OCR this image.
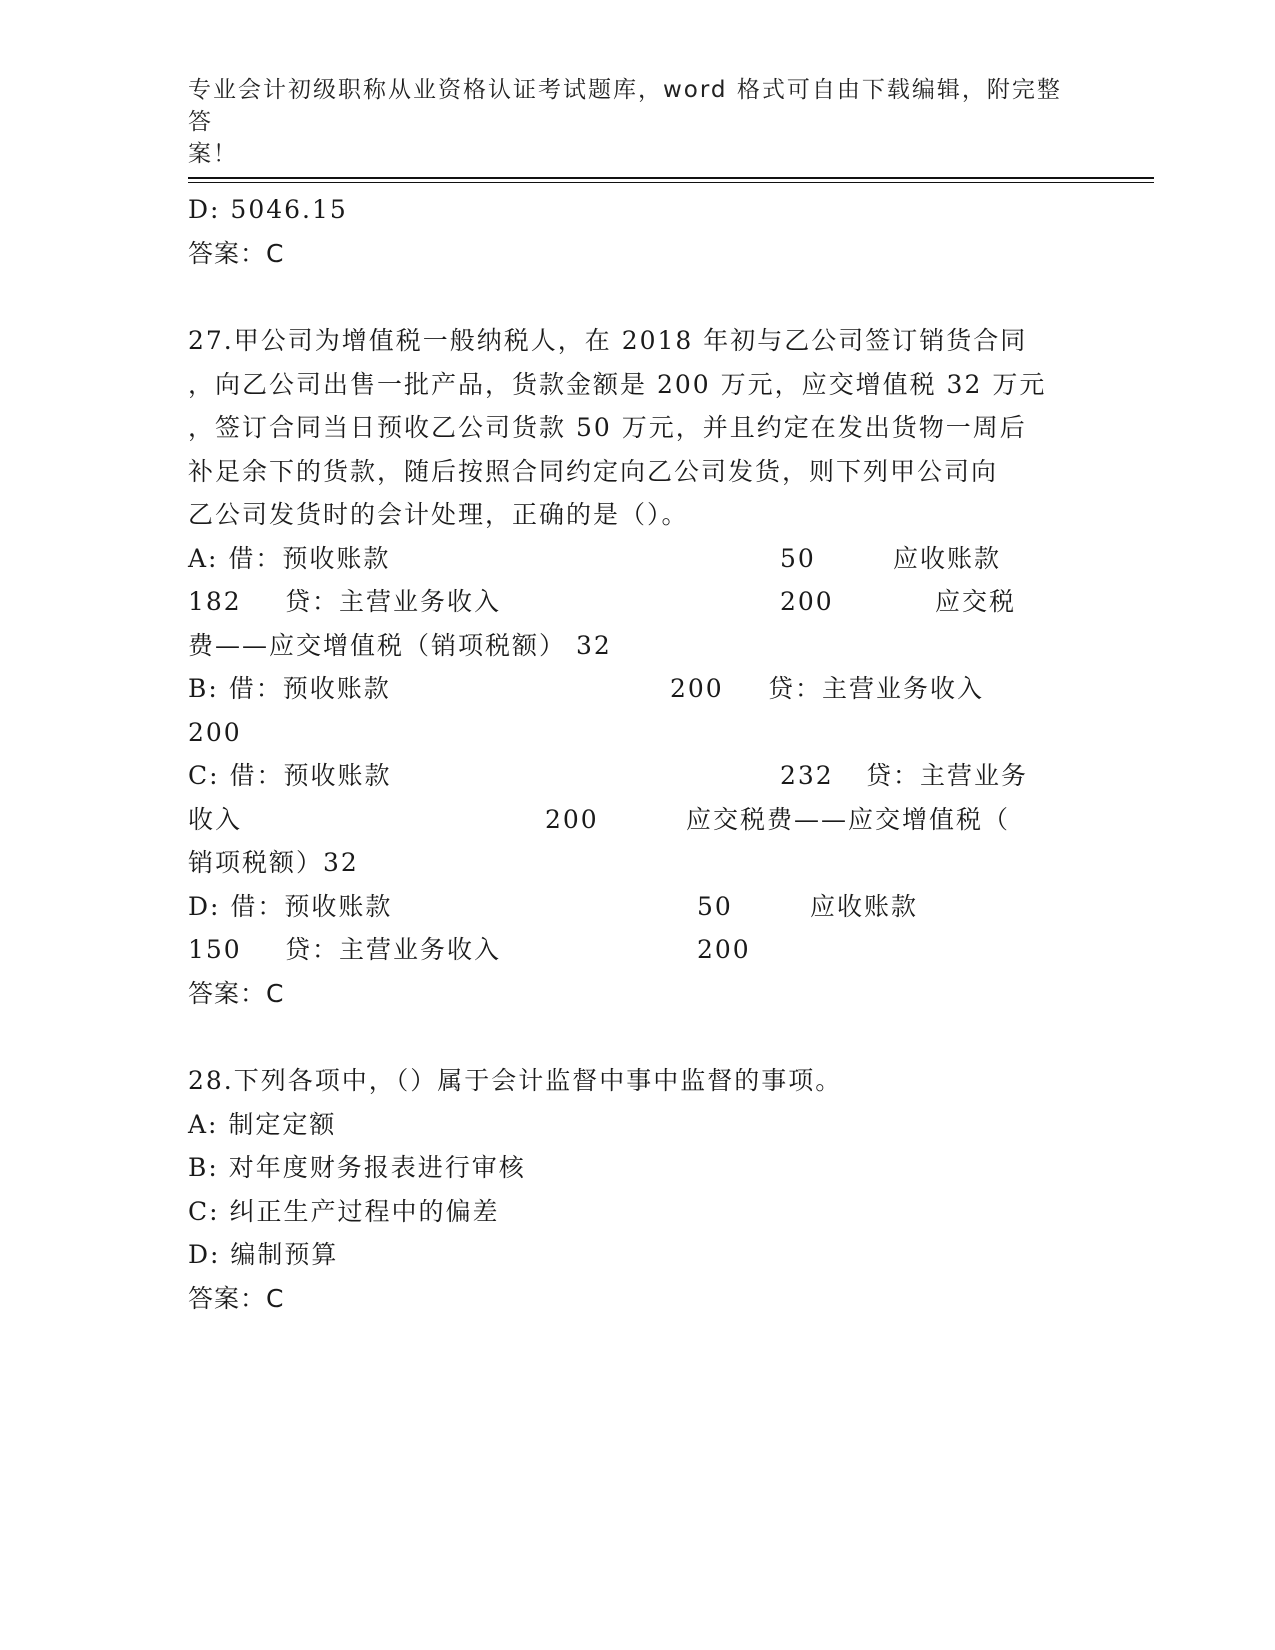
专业会计初级职称从业资格认证考试题库，word 格式可自由下载编辑，附完整答
案！
D: 5046.15
答案：C
27.甲公司为增值税一般纳税人，在 2018 年初与乙公司签订销货合同
，向乙公司出售一批产品，货款金额是 200 万元，应交增值税 32 万元
，签订合同当日预收乙公司货款 50 万元，并且约定在发出货物一周后
补足余下的货款，随后按照合同约定向乙公司发货，则下列甲公司向
乙公司发货时的会计处理，正确的是（）。
A: 借：预收账款	50	应收账款
182 贷：主营业务收入	200	应交税
费——应交增值税（销项税额） 32
B: 借：预收账款	200 贷：主营业务收入
200
C: 借：预收账款	232 贷：主营业务
收入	200	应交税费——应交增值税（
销项税额）32
D: 借：预收账款	50	应收账款
150 贷：主营业务收入	200
答案：C
28.下列各项中，（）属于会计监督中事中监督的事项。
A: 制定定额
B: 对年度财务报表进行审核
C: 纠正生产过程中的偏差
D: 编制预算
答案：C
